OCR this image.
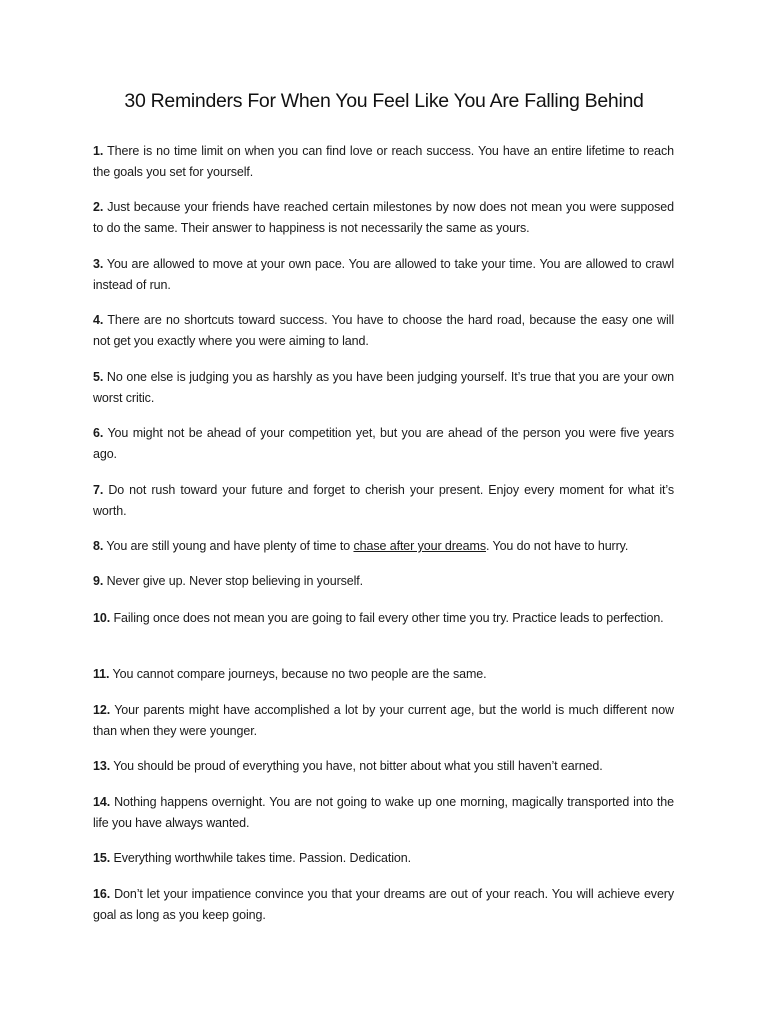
30 Reminders For When You Feel Like You Are Falling Behind
1. There is no time limit on when you can find love or reach success. You have an entire lifetime to reach the goals you set for yourself.
2. Just because your friends have reached certain milestones by now does not mean you were supposed to do the same. Their answer to happiness is not necessarily the same as yours.
3. You are allowed to move at your own pace. You are allowed to take your time. You are allowed to crawl instead of run.
4. There are no shortcuts toward success. You have to choose the hard road, because the easy one will not get you exactly where you were aiming to land.
5. No one else is judging you as harshly as you have been judging yourself. It’s true that you are your own worst critic.
6. You might not be ahead of your competition yet, but you are ahead of the person you were five years ago.
7. Do not rush toward your future and forget to cherish your present. Enjoy every moment for what it’s worth.
8. You are still young and have plenty of time to chase after your dreams. You do not have to hurry.
9. Never give up. Never stop believing in yourself.
10. Failing once does not mean you are going to fail every other time you try. Practice leads to perfection.
11. You cannot compare journeys, because no two people are the same.
12. Your parents might have accomplished a lot by your current age, but the world is much different now than when they were younger.
13. You should be proud of everything you have, not bitter about what you still haven’t earned.
14. Nothing happens overnight. You are not going to wake up one morning, magically transported into the life you have always wanted.
15. Everything worthwhile takes time. Passion. Dedication.
16. Don’t let your impatience convince you that your dreams are out of your reach. You will achieve every goal as long as you keep going.
